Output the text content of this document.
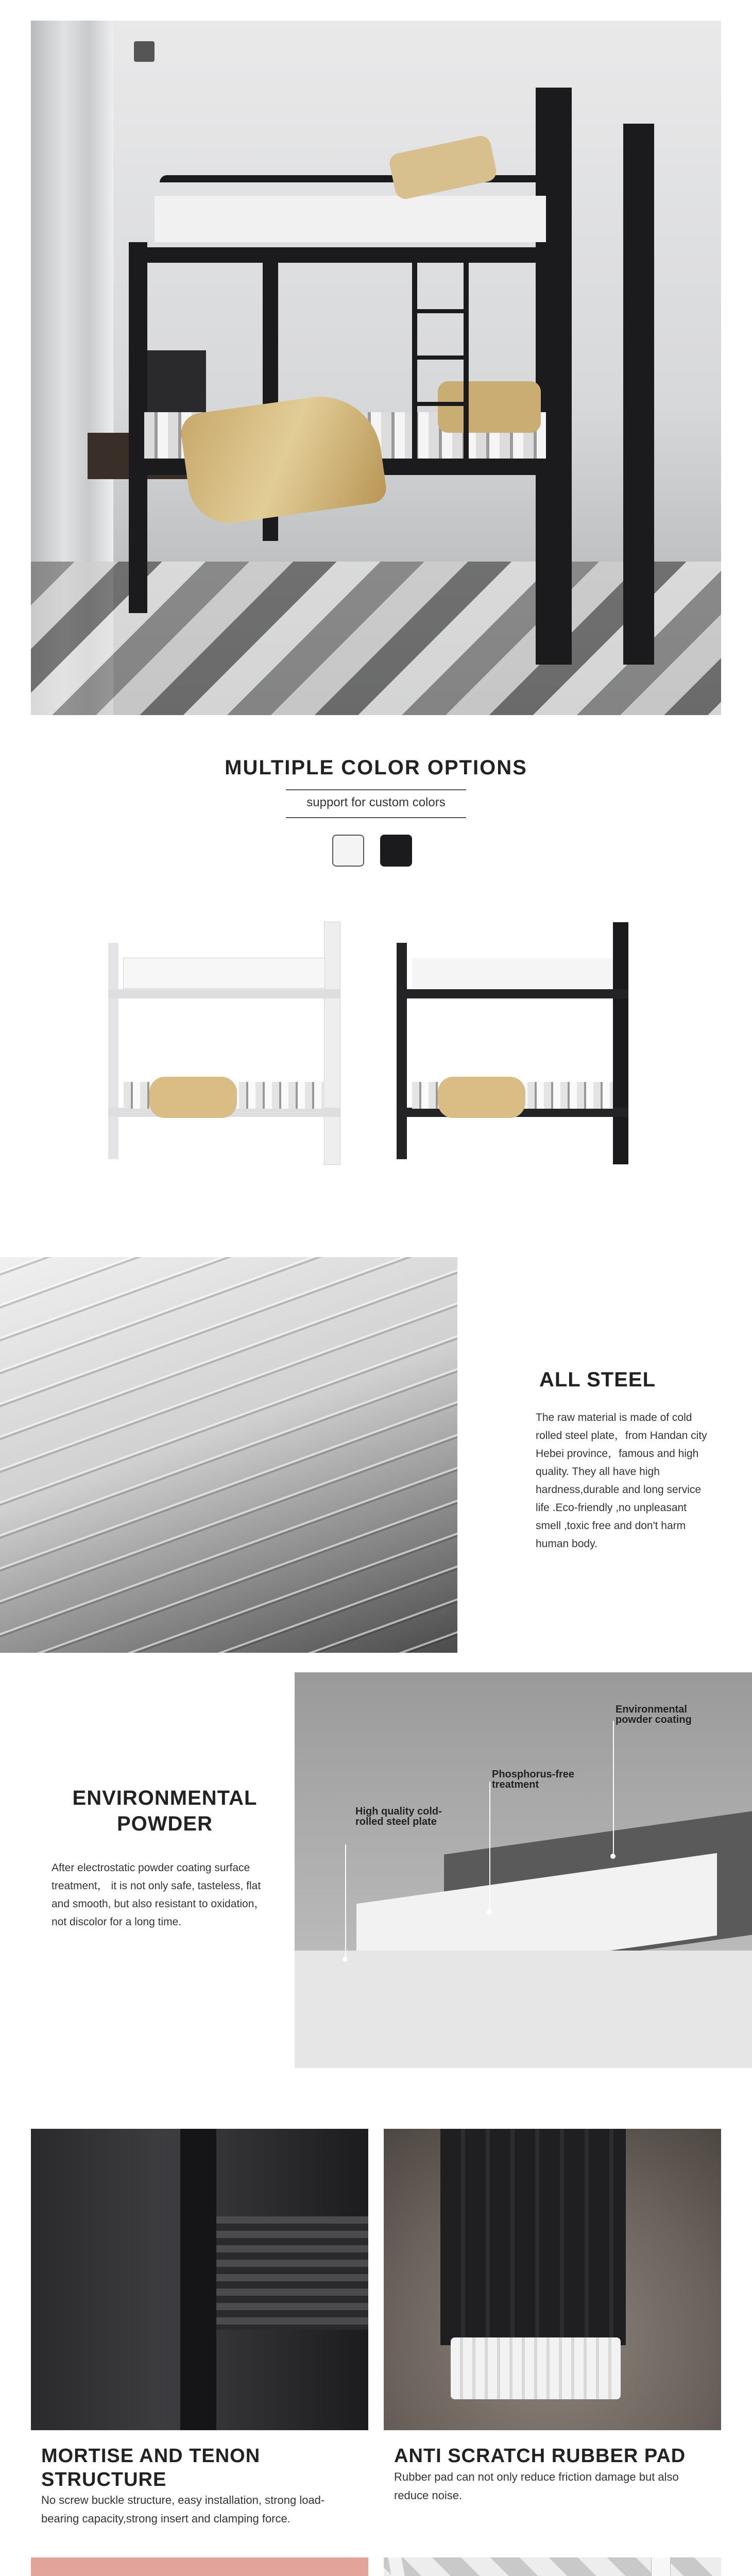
MULTIPLE COLOR OPTIONS
support for custom colors
ALL STEEL
The raw material is made of cold rolled steel plate，from Handan city Hebei province，famous and high quality. They all have high hardness,durable and long service life .Eco-friendly ,no unpleasant smell ,toxic free and don't harm human body.
Environmental powder coating
Phosphorus-free treatment
High quality cold-rolled steel plate
ENVIRONMENTAL
POWDER
After electrostatic powder coating surface treatment， it is not only safe, tasteless, flat and smooth, but also resistant to oxidation，not discolor for a long time.
MORTISE AND TENON STRUCTURE
No screw buckle structure, easy installation, strong load-bearing capacity,strong insert and clamping force.
ANTI SCRATCH RUBBER PAD
Rubber pad can not only reduce friction damage but also reduce noise.
